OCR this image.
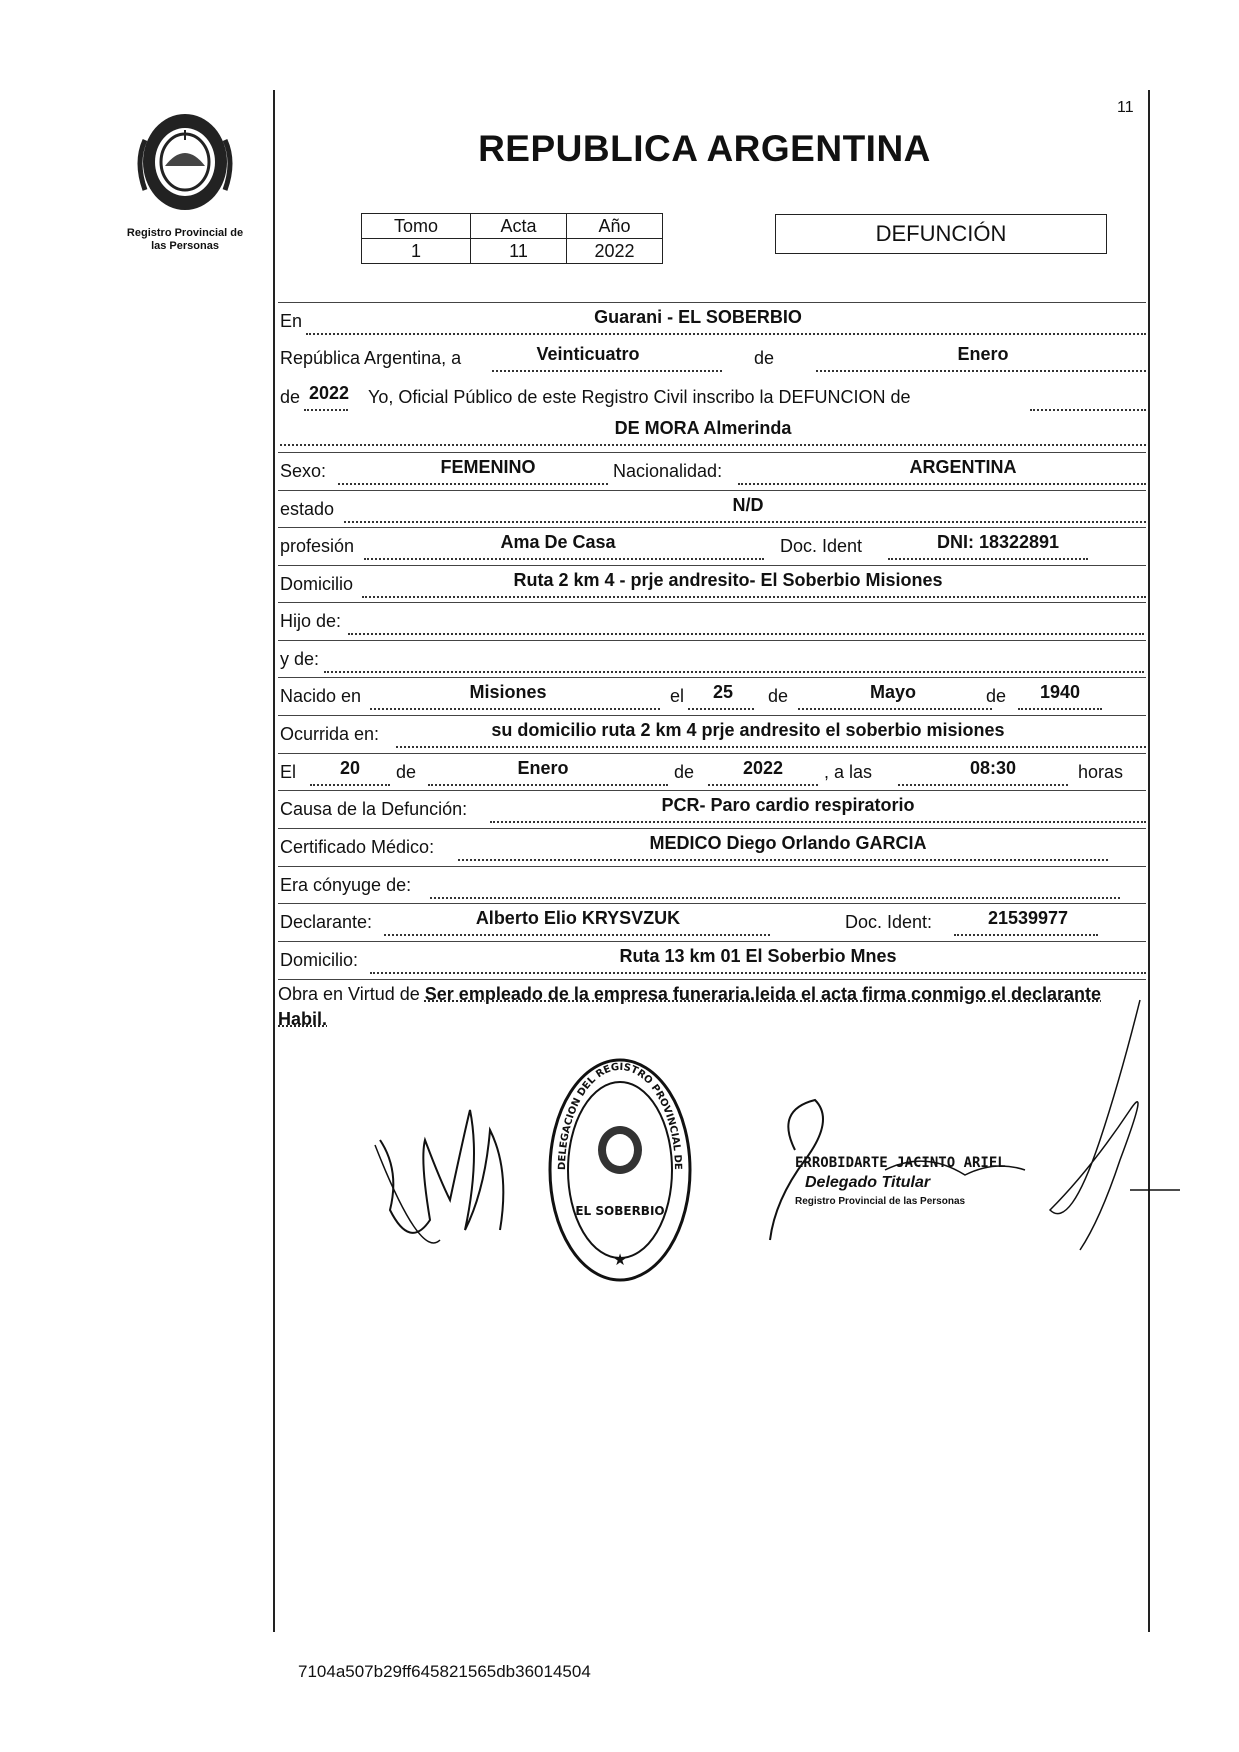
11
Registro Provincial de
las Personas
REPUBLICA ARGENTINA
Tomo	Acta	Año
1	11	2022
DEFUNCIÓN
En	Guarani - EL SOBERBIO
República Argentina, a	Veinticuatro	de	Enero
de 2022 Yo, Oficial Público de este Registro Civil inscribo la DEFUNCION de
DE MORA Almerinda
Sexo:	FEMENINO	Nacionalidad:	ARGENTINA
estado	N/D
profesión	Ama De Casa	Doc. Ident	DNI: 18322891
Domicilio	Ruta 2 km 4 - prje andresito- El Soberbio Misiones
Hijo de:
y de:
Nacido en	Misiones	el	25	de	Mayo	de	1940
Ocurrida en:	su domicilio ruta 2 km 4 prje andresito el soberbio misiones
El	20	de	Enero	de	2022	, a las	08:30	horas
Causa de la Defunción:	PCR- Paro cardio respiratorio
Certificado Médico:	MEDICO Diego Orlando GARCIA
Era cónyuge de:
Declarante:	Alberto Elio KRYSVZUK	Doc. Ident:	21539977
Domicilio:	Ruta 13 km 01 El Soberbio Mnes
Obra en Virtud de Ser empleado de la empresa funeraria.leida el acta firma conmigo el declarante Habil.
DELEGACION DEL REGISTRO PROVINCIAL DE
EL SOBERBIO
★
ERROBIDARTE JACINTO ARIEL
Delegado Titular
Registro Provincial de las Personas
7104a507b29ff645821565db36014504
